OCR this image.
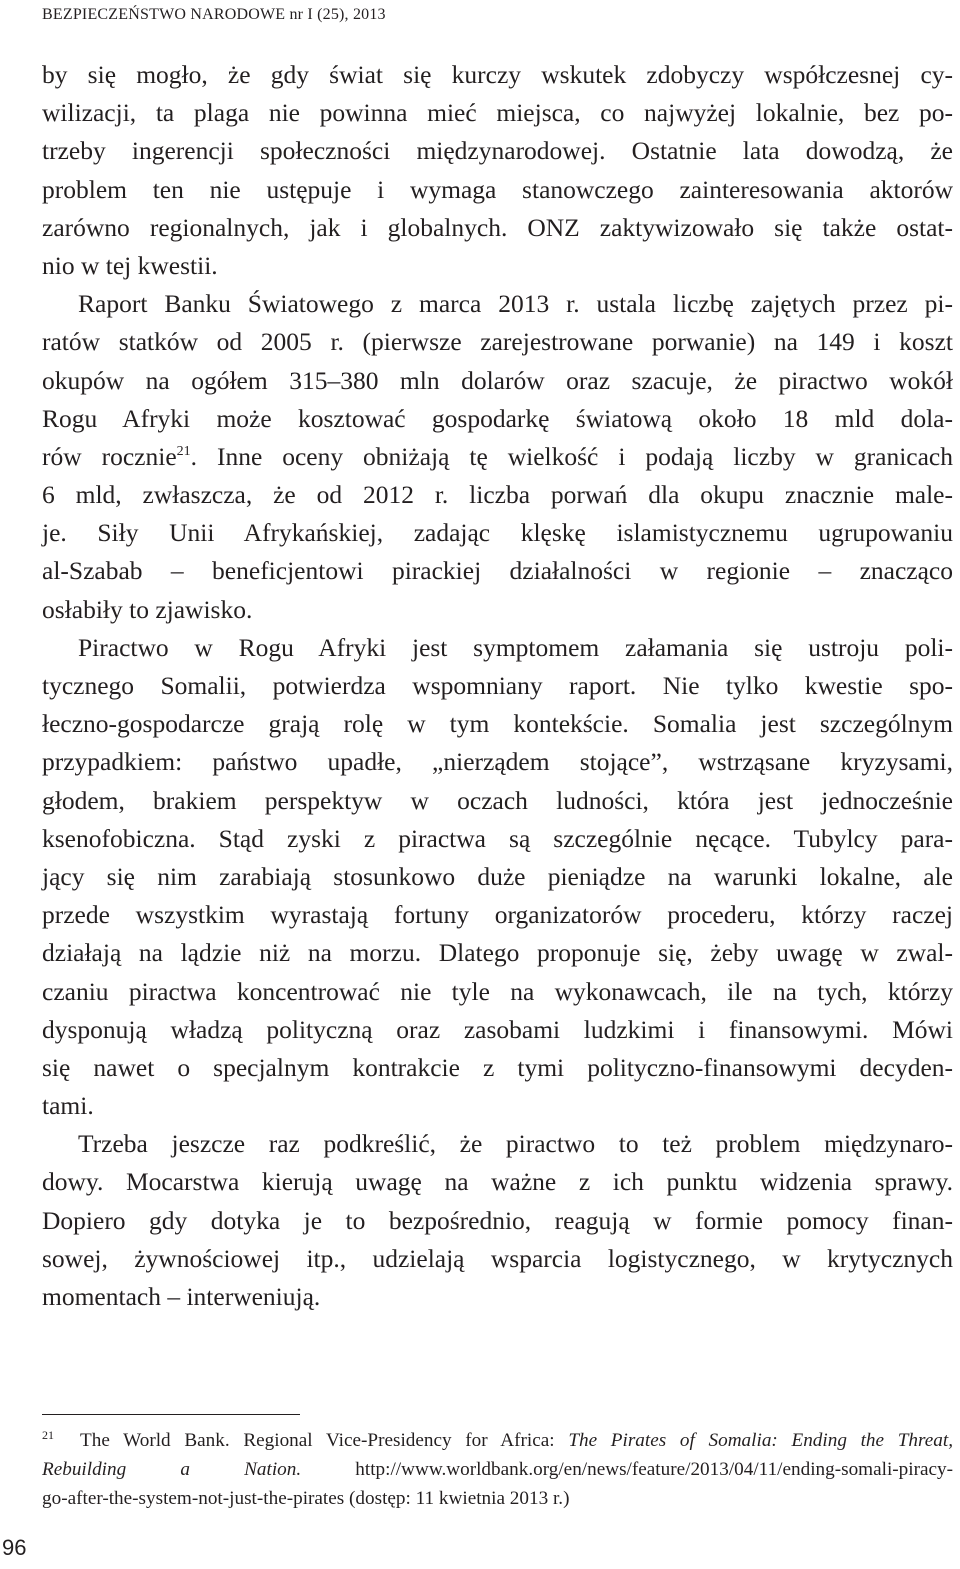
BEZPIECZEŃSTWO NARODOWE nr I (25), 2013
by się mogło, że gdy świat się kurczy wskutek zdobyczy współczesnej cy-
wilizacji, ta plaga nie powinna mieć miejsca, co najwyżej lokalnie, bez po-
trzeby ingerencji społeczności międzynarodowej. Ostatnie lata dowodzą, że
problem ten nie ustępuje i wymaga stanowczego zainteresowania aktorów
zarówno regionalnych, jak i globalnych. ONZ zaktywizowało się także ostat-
nio w tej kwestii.
Raport Banku Światowego z marca 2013 r. ustala liczbę zajętych przez pi-
ratów statków od 2005 r. (pierwsze zarejestrowane porwanie) na 149 i koszt
okupów na ogółem 315–380 mln dolarów oraz szacuje, że piractwo wokół
Rogu Afryki może kosztować gospodarkę światową około 18 mld dola-
rów rocznie$^{21}$. Inne oceny obniżają tę wielkość i podają liczby w granicach
6 mld, zwłaszcza, że od 2012 r. liczba porwań dla okupu znacznie male-
je. Siły Unii Afrykańskiej, zadając klęskę islamistycznemu ugrupowaniu
al-Szabab – beneficjentowi pirackiej działalności w regionie – znacząco
osłabiły to zjawisko.
Piractwo w Rogu Afryki jest symptomem załamania się ustroju poli-
tycznego Somalii, potwierdza wspomniany raport. Nie tylko kwestie spo-
łeczno-gospodarcze grają rolę w tym kontekście. Somalia jest szczególnym
przypadkiem: państwo upadłe, „nierządem stojące”, wstrząsane kryzysami,
głodem, brakiem perspektyw w oczach ludności, która jest jednocześnie
ksenofobiczna. Stąd zyski z piractwa są szczególnie nęcące. Tubylcy para-
jący się nim zarabiają stosunkowo duże pieniądze na warunki lokalne, ale
przede wszystkim wyrastają fortuny organizatorów procederu, którzy raczej
działają na lądzie niż na morzu. Dlatego proponuje się, żeby uwagę w zwal-
czaniu piractwa koncentrować nie tyle na wykonawcach, ile na tych, którzy
dysponują władzą polityczną oraz zasobami ludzkimi i finansowymi. Mówi
się nawet o specjalnym kontrakcie z tymi polityczno-finansowymi decyden-
tami.
Trzeba jeszcze raz podkreślić, że piractwo to też problem międzynaro-
dowy. Mocarstwa kierują uwagę na ważne z ich punktu widzenia sprawy.
Dopiero gdy dotyka je to bezpośrednio, reagują w formie pomocy finan-
sowej, żywnościowej itp., udzielają wsparcia logistycznego, w krytycznych
momentach – interweniują.
$^{21}$ The World Bank. Regional Vice-Presidency for Africa: The Pirates of Somalia: Ending the Threat,
Rebuilding a Nation. http://www.worldbank.org/en/news/feature/2013/04/11/ending-somali-piracy-
go-after-the-system-not-just-the-pirates (dostęp: 11 kwietnia 2013 r.)
96
